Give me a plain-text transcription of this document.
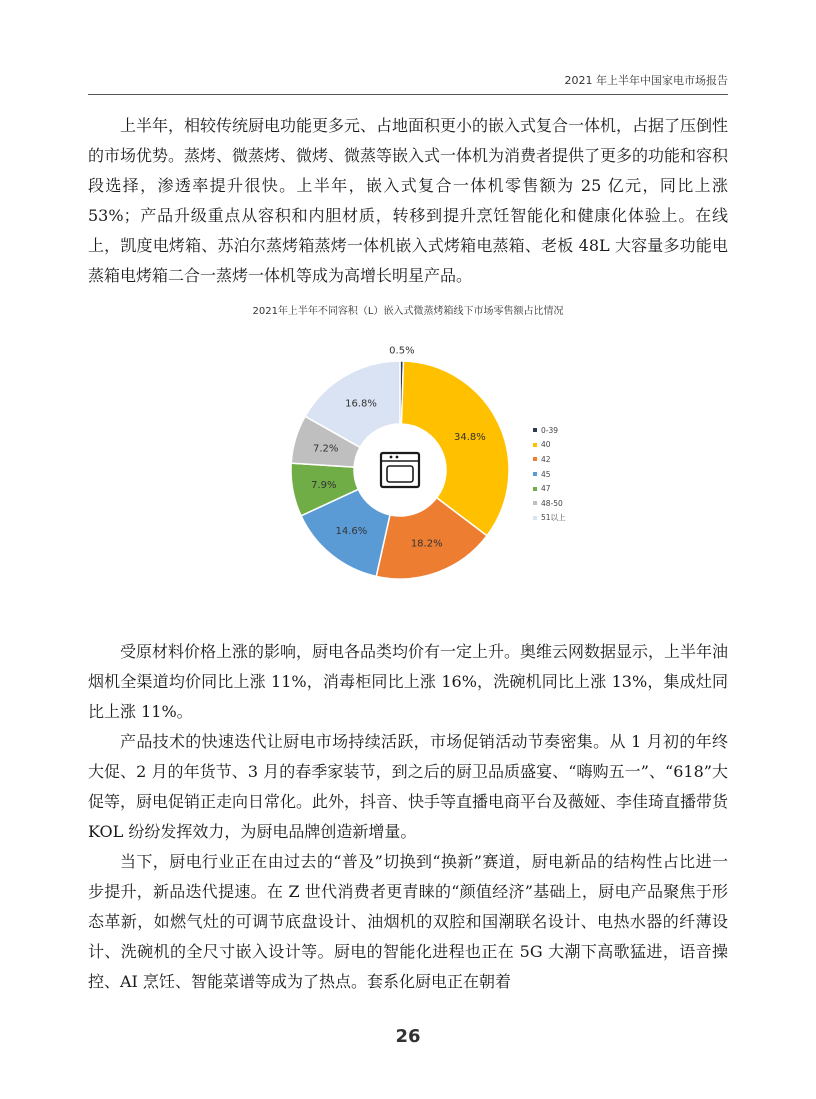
2021 年上半年中国家电市场报告

上半年，相较传统厨电功能更多元、占地面积更小的嵌入式复合一体机，占据了压倒性的市场优势。蒸烤、微蒸烤、微烤、微蒸等嵌入式一体机为消费者提供了更多的功能和容积段选择，渗透率提升很快。上半年，嵌入式复合一体机零售额为 25 亿元，同比上涨 53%；产品升级重点从容积和内胆材质，转移到提升烹饪智能化和健康化体验上。在线上，凯度电烤箱、苏泊尔蒸烤箱蒸烤一体机嵌入式烤箱电蒸箱、老板 48L 大容量多功能电蒸箱电烤箱二合一蒸烤一体机等成为高增长明星产品。

2021年上半年不同容积（L）嵌入式微蒸烤箱线下市场零售额占比情况
0.5%
34.8%
18.2%
14.6%
7.9%
7.2%
16.8%
0-39
40
42
45
47
48-50
51以上

受原材料价格上涨的影响，厨电各品类均价有一定上升。奥维云网数据显示，上半年油烟机全渠道均价同比上涨 11%，消毒柜同比上涨 16%，洗碗机同比上涨 13%，集成灶同比上涨 11%。

产品技术的快速迭代让厨电市场持续活跃，市场促销活动节奏密集。从 1 月初的年终大促、2 月的年货节、3 月的春季家装节，到之后的厨卫品质盛宴、“嗨购五一”、“618”大促等，厨电促销正走向日常化。此外，抖音、快手等直播电商平台及薇娅、李佳琦直播带货 KOL 纷纷发挥效力，为厨电品牌创造新增量。

当下，厨电行业正在由过去的“普及”切换到“换新”赛道，厨电新品的结构性占比进一步提升，新品迭代提速。在 Z 世代消费者更青睐的“颜值经济”基础上，厨电产品聚焦于形态革新，如燃气灶的可调节底盘设计、油烟机的双腔和国潮联名设计、电热水器的纤薄设计、洗碗机的全尺寸嵌入设计等。厨电的智能化进程也正在 5G 大潮下高歌猛进，语音操控、AI 烹饪、智能菜谱等成为了热点。套系化厨电正在朝着

26
